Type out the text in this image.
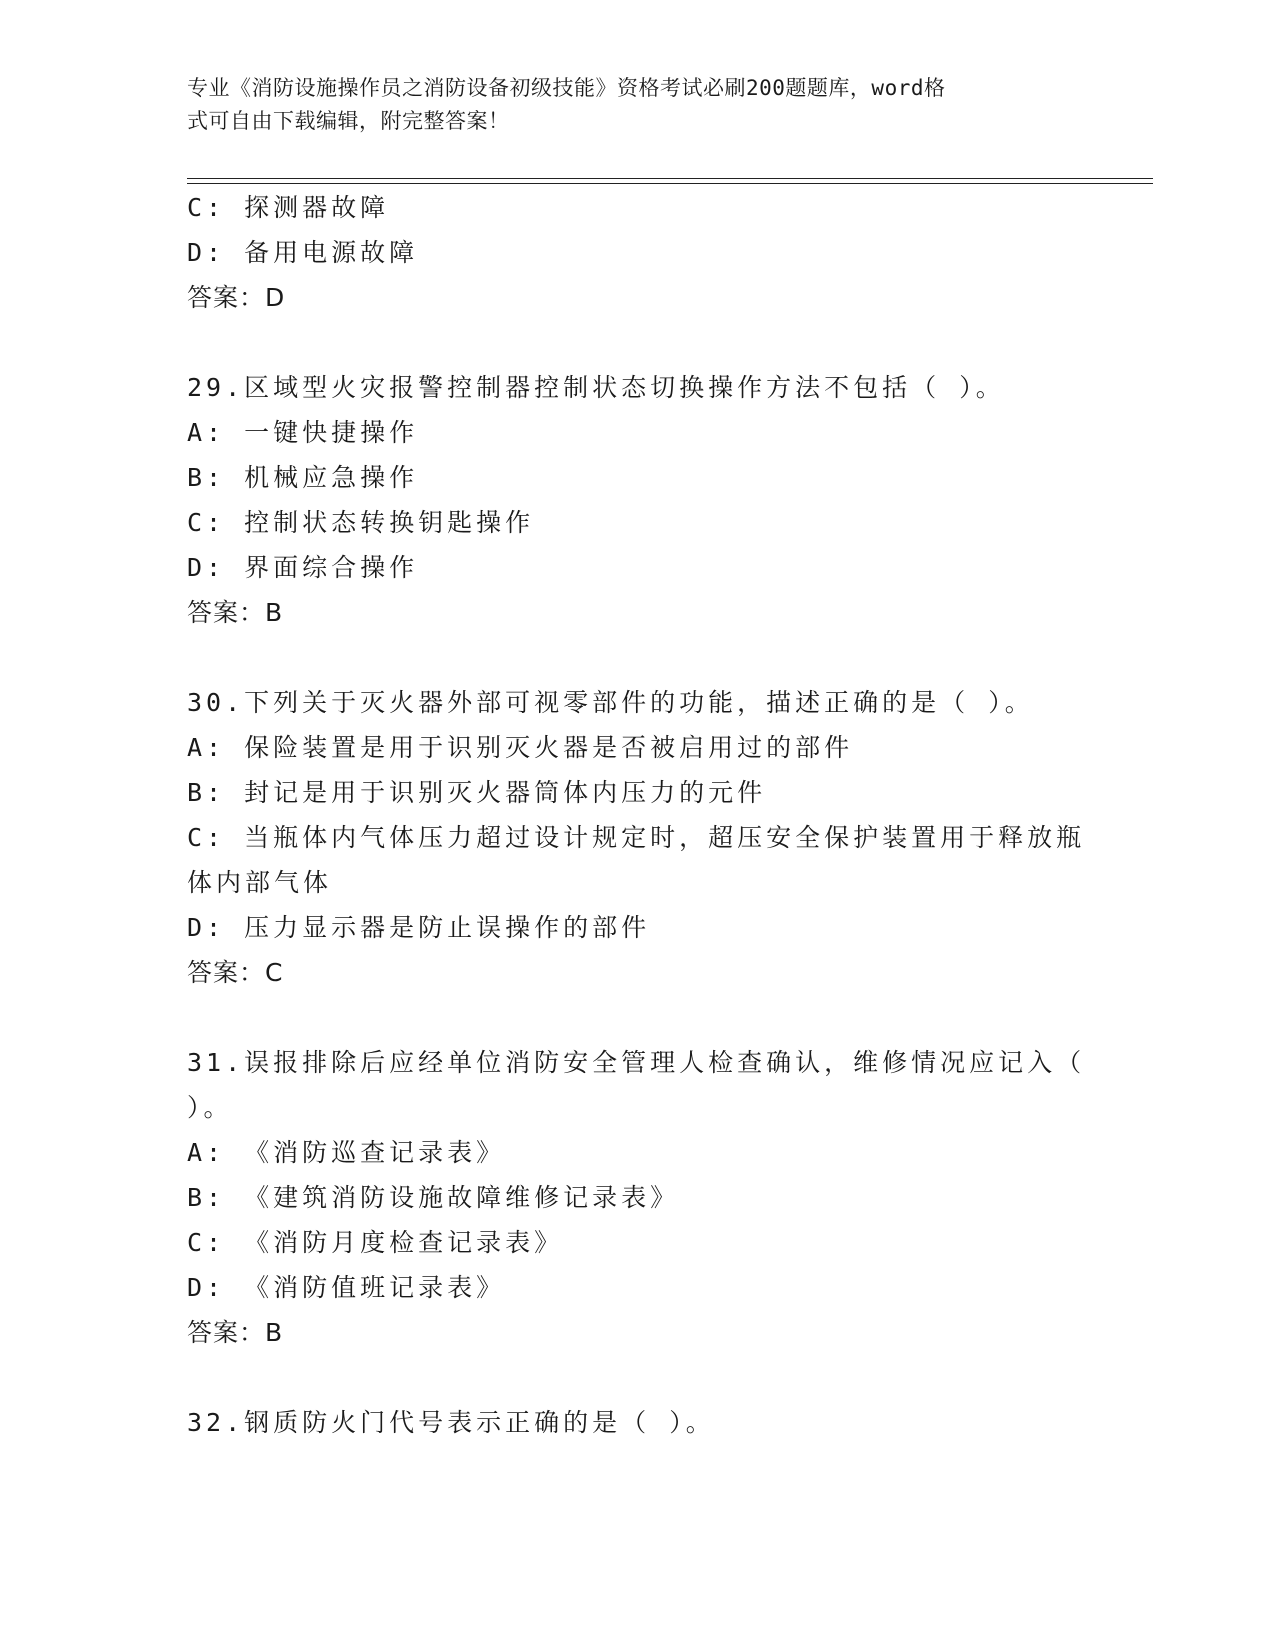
专业《消防设施操作员之消防设备初级技能》资格考试必刷200题题库，word格

式可自由下载编辑，附完整答案！

C: 探测器故障

D: 备用电源故障

答案：D

29.区域型火灾报警控制器控制状态切换操作方法不包括（ ）。

A: 一键快捷操作

B: 机械应急操作

C: 控制状态转换钥匙操作

D: 界面综合操作

答案：B

30.下列关于灭火器外部可视零部件的功能，描述正确的是（ ）。

A: 保险装置是用于识别灭火器是否被启用过的部件

B: 封记是用于识别灭火器筒体内压力的元件

C: 当瓶体内气体压力超过设计规定时，超压安全保护装置用于释放瓶

体内部气体

D: 压力显示器是防止误操作的部件

答案：C

31.误报排除后应经单位消防安全管理人检查确认，维修情况应记入（

）。

A: 《消防巡查记录表》

B: 《建筑消防设施故障维修记录表》

C: 《消防月度检查记录表》

D: 《消防值班记录表》

答案：B

32.钢质防火门代号表示正确的是（ ）。
